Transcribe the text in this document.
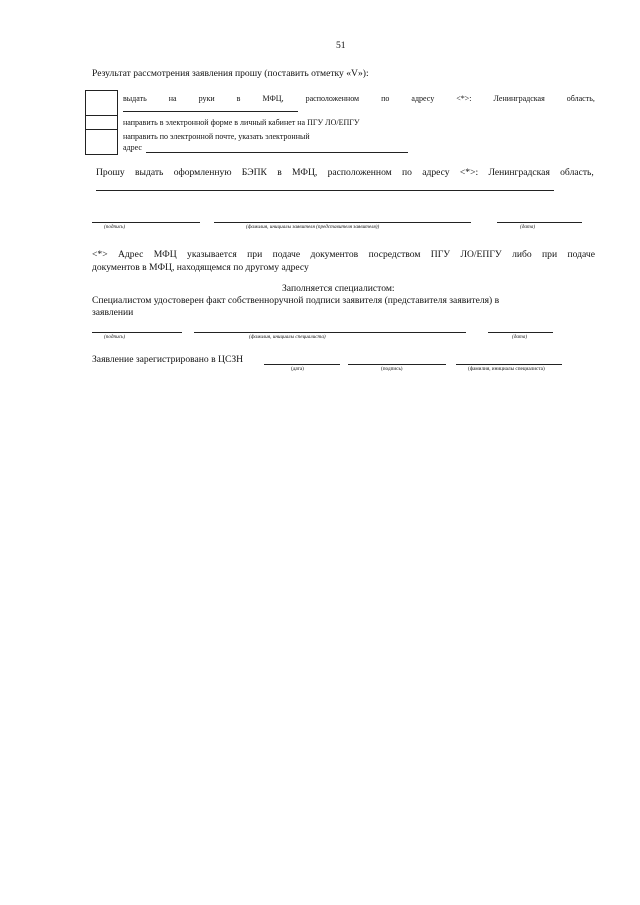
51
Результат рассмотрения заявления прошу (поставить отметку «V»):
выдать	на	руки	в	МФЦ,	расположенном	по	адресу	<*>:	Ленинградская	область,
направить в электронной форме в личный кабинет на ПГУ ЛО/ЕПГУ
направить по электронной почте, указать электронный
адрес
Прошу выдать оформленную БЭПК в МФЦ, расположенном по адресу <*>: Ленинградская область,
(подпись)	(фамилия, инициалы заявителя (представителя заявителя))	(дата)
<*> Адрес МФЦ указывается при подаче документов посредством ПГУ ЛО/ЕПГУ либо при подаче
документов в МФЦ, находящемся по другому адресу
Заполняется специалистом:
Специалистом удостоверен факт собственноручной подписи заявителя (представителя заявителя) в
заявлении
(подпись)	(фамилия, инициалы специалиста)	(дата)
Заявление зарегистрировано в ЦСЗН
(дата)	(подпись)	(фамилия, инициалы специалиста)
